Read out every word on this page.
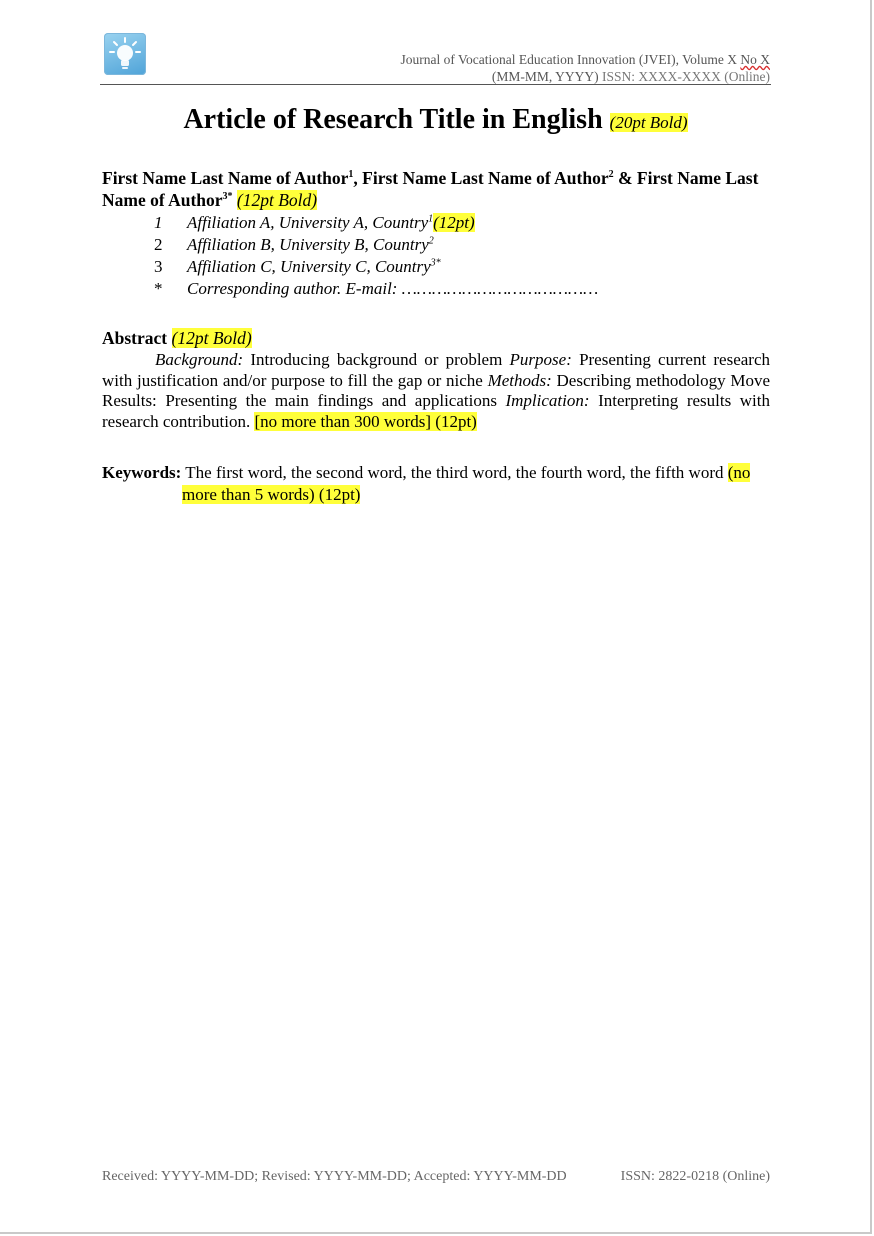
Journal of Vocational Education Innovation (JVEI), Volume X No X
(MM-MM, YYYY) ISSN: XXXX-XXXX (Online)
Article of Research Title in English (20pt Bold)
First Name Last Name of Author$^1$, First Name Last Name of Author$^2$ & First Name Last Name of Author$^{3*}$ (12pt Bold)
1	Affiliation A, University A, Country$^1$(12pt)
2	Affiliation B, University B, Country$^2$
3	Affiliation C, University C, Country$^{3*}$
*	Corresponding author. E-mail: …………………………………
Abstract (12pt Bold)
Background: Introducing background or problem Purpose: Presenting current research with justification and/or purpose to fill the gap or niche Methods: Describing methodology Move Results: Presenting the main findings and applications Implication: Interpreting results with research contribution. [no more than 300 words] (12pt)
Keywords: The first word, the second word, the third word, the fourth word, the fifth word (no more than 5 words) (12pt)
Received: YYYY-MM-DD; Revised: YYYY-MM-DD; Accepted: YYYY-MM-DD	ISSN: 2822-0218 (Online)
